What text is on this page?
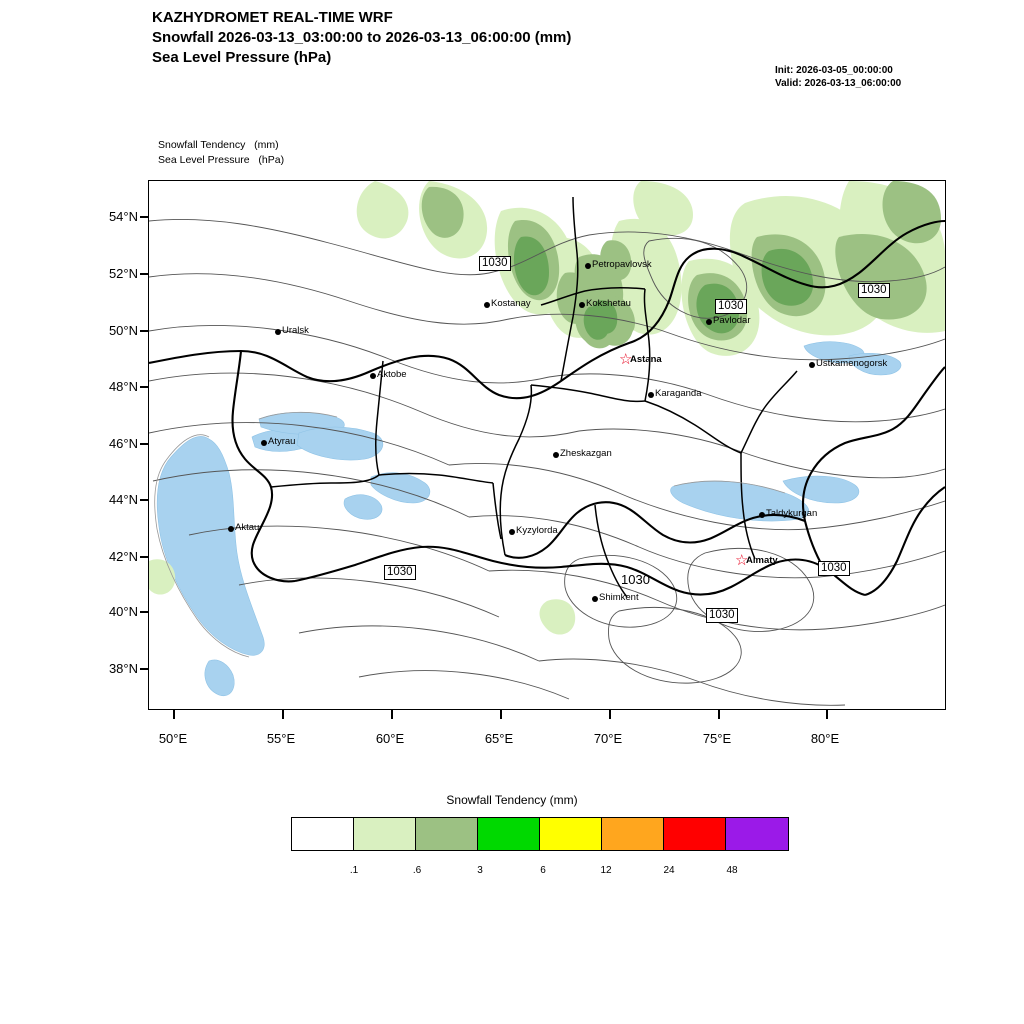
KAZHYDROMET REAL-TIME WRF
Snowfall 2026-03-13_03:00:00 to 2026-03-13_06:00:00 (mm)
Sea Level Pressure (hPa)
Init: 2026-03-05_00:00:00
Valid: 2026-03-13_06:00:00
Snowfall Tendency   (mm)
Sea Level Pressure   (hPa)
1030
1030
1030
1030	1030
1030
1030
Petropavlovsk
Kostanay	Kokshetau
Pavlodar
Uralsk
Ustkamenogorsk
☆
Astana
Aktobe
Karaganda
Atyrau
Zheskazgan
Taldykurgan
Aktau	Kyzylorda
☆
Almaty
Shimkent
54°N
52°N
50°N
48°N
46°N
44°N
42°N
40°N
38°N
50°E	55°E	60°E	65°E	70°E	75°E	80°E
Snowfall Tendency (mm)
.1	.6	3	6	12	24	48
